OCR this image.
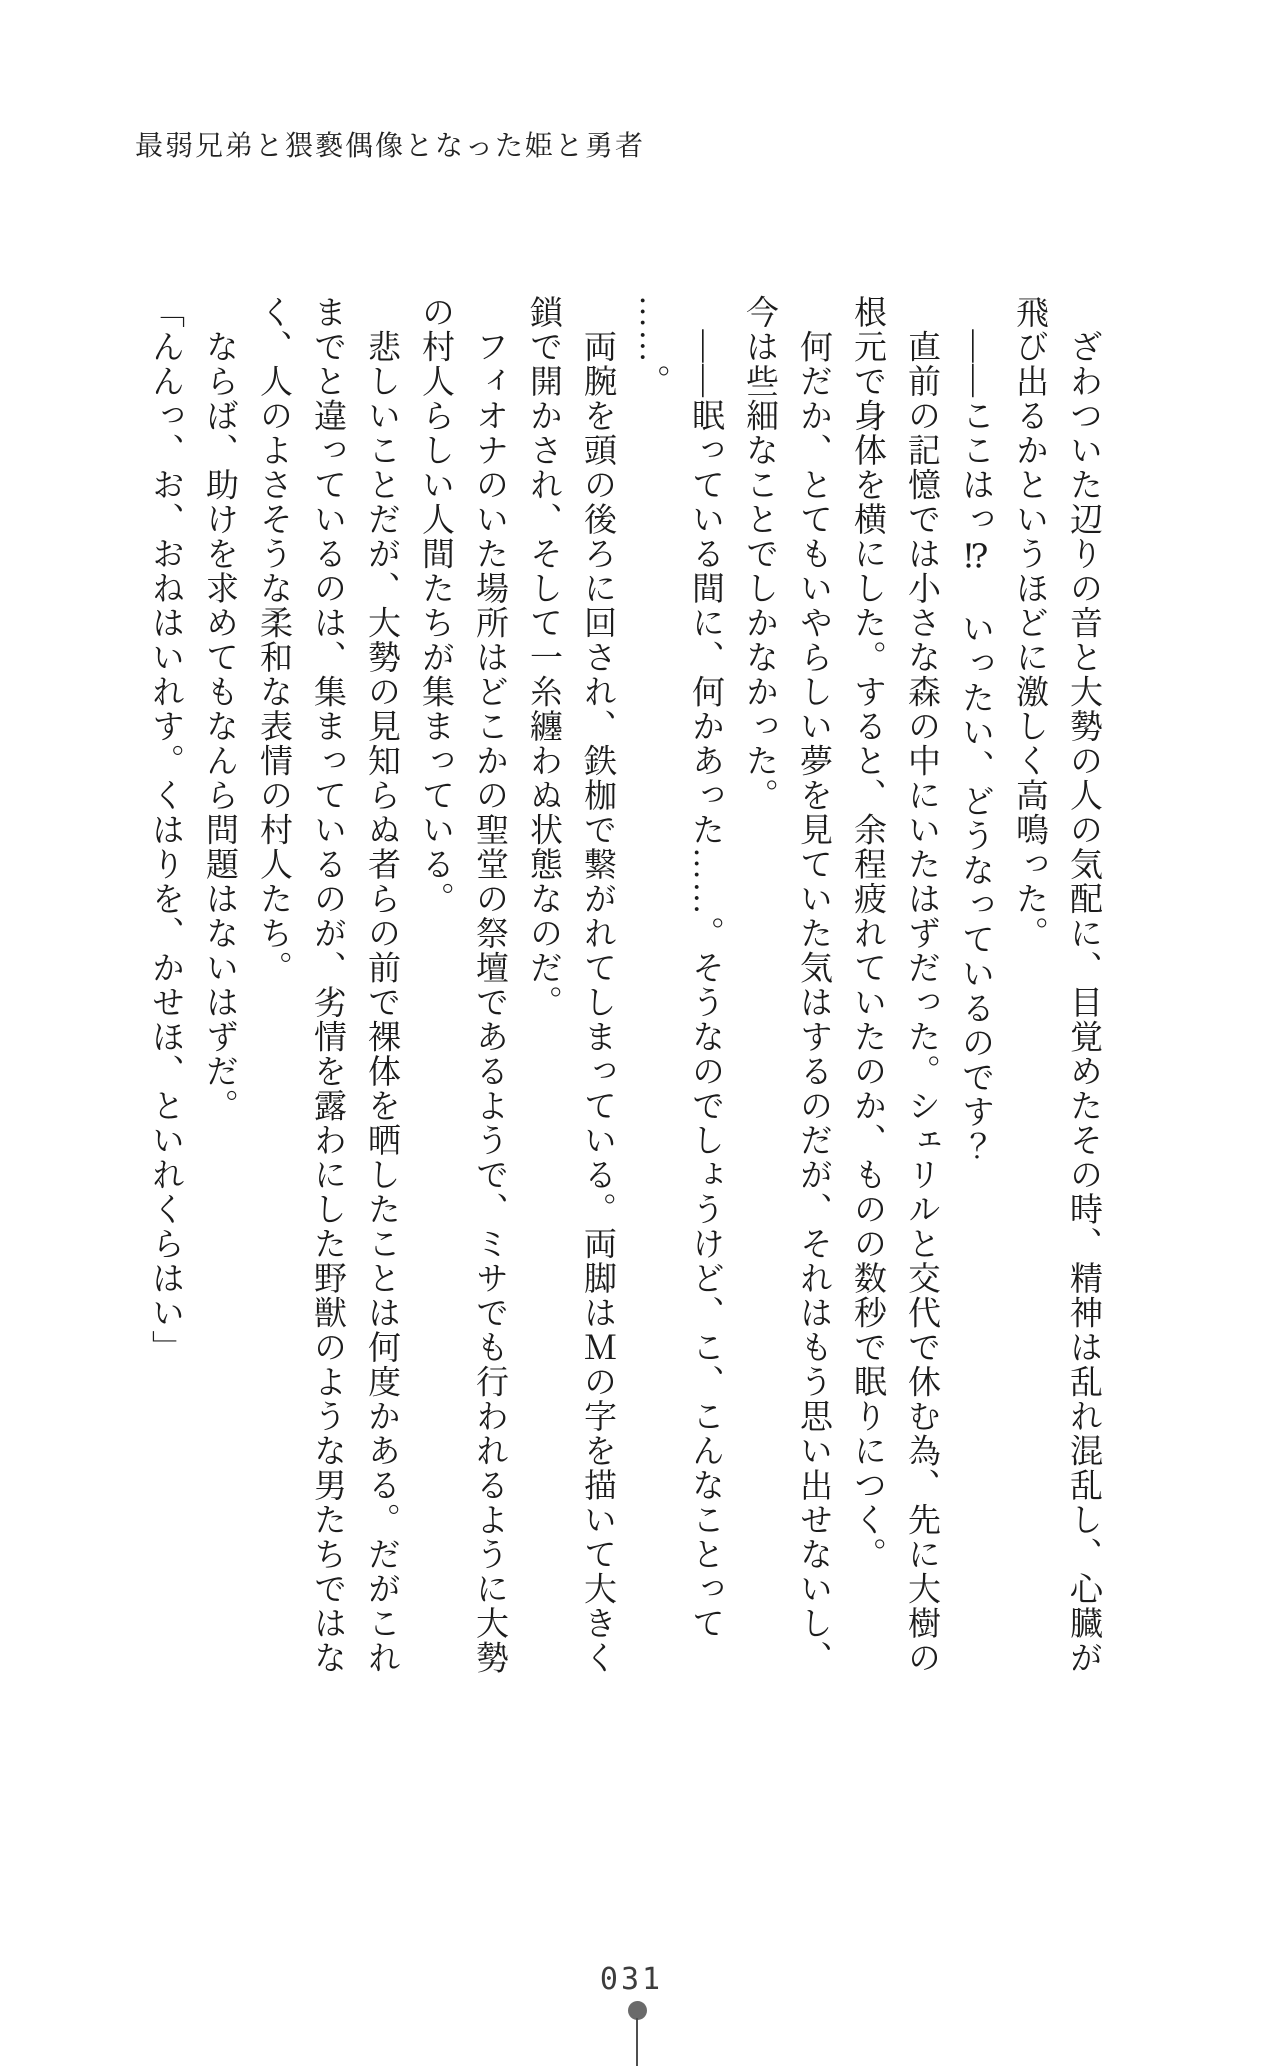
最弱兄弟と猥褻偶像となった姫と勇者
　ざわついた辺りの音と大勢の人の気配に、目覚めたその時、精神は乱れ混乱し、心臓が
飛び出るかというほどに激しく高鳴った。
　――ここはっ⁉　いったい、どうなっているのです？
　直前の記憶では小さな森の中にいたはずだった。シェリルと交代で休む為、先に大樹の
根元で身体を横にした。すると、余程疲れていたのか、ものの数秒で眠りにつく。
　何だか、とてもいやらしい夢を見ていた気はするのだが、それはもう思い出せないし、
今は些細なことでしかなかった。
　――眠っている間に、何かあった……。そうなのでしょうけど、こ、こんなことって
……。
　両腕を頭の後ろに回され、鉄枷で繋がれてしまっている。両脚はＭの字を描いて大きく
鎖で開かされ、そして一糸纏わぬ状態なのだ。
　フィオナのいた場所はどこかの聖堂の祭壇であるようで、ミサでも行われるように大勢
の村人らしい人間たちが集まっている。
　悲しいことだが、大勢の見知らぬ者らの前で裸体を晒したことは何度かある。だがこれ
までと違っているのは、集まっているのが、劣情を露わにした野獣のような男たちではな
く、人のよさそうな柔和な表情の村人たち。
　ならば、助けを求めてもなんら問題はないはずだ。
「んんっ、お、おねはいれす。くはりを、かせほ、といれくらはい」
031
